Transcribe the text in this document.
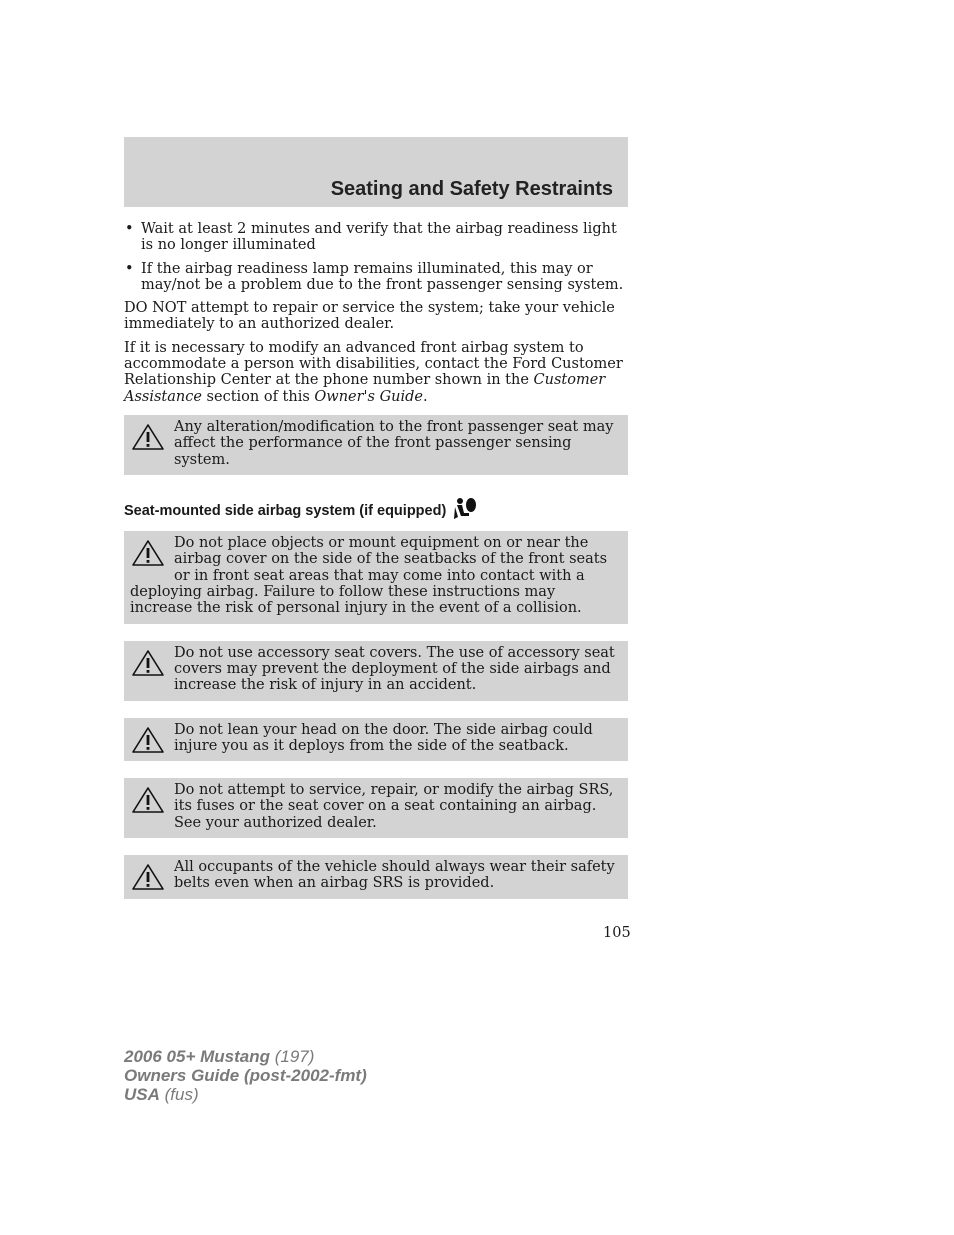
Seating and Safety Restraints
• Wait at least 2 minutes and verify that the airbag readiness light is no longer illuminated
• If the airbag readiness lamp remains illuminated, this may or may/not be a problem due to the front passenger sensing system.

DO NOT attempt to repair or service the system; take your vehicle immediately to an authorized dealer.

If it is necessary to modify an advanced front airbag system to accommodate a person with disabilities, contact the Ford Customer Relationship Center at the phone number shown in the Customer Assistance section of this Owner's Guide.

Any alteration/modification to the front passenger seat may affect the performance of the front passenger sensing system.
Seat-mounted side airbag system (if equipped)
Do not place objects or mount equipment on or near the airbag cover on the side of the seatbacks of the front seats or in front seat areas that may come into contact with a deploying airbag. Failure to follow these instructions may increase the risk of personal injury in the event of a collision.
Do not use accessory seat covers. The use of accessory seat covers may prevent the deployment of the side airbags and increase the risk of injury in an accident.
Do not lean your head on the door. The side airbag could injure you as it deploys from the side of the seatback.
Do not attempt to service, repair, or modify the airbag SRS, its fuses or the seat cover on a seat containing an airbag. See your authorized dealer.
All occupants of the vehicle should always wear their safety belts even when an airbag SRS is provided.
105
2006 05+ Mustang (197)
Owners Guide (post-2002-fmt)
USA (fus)
